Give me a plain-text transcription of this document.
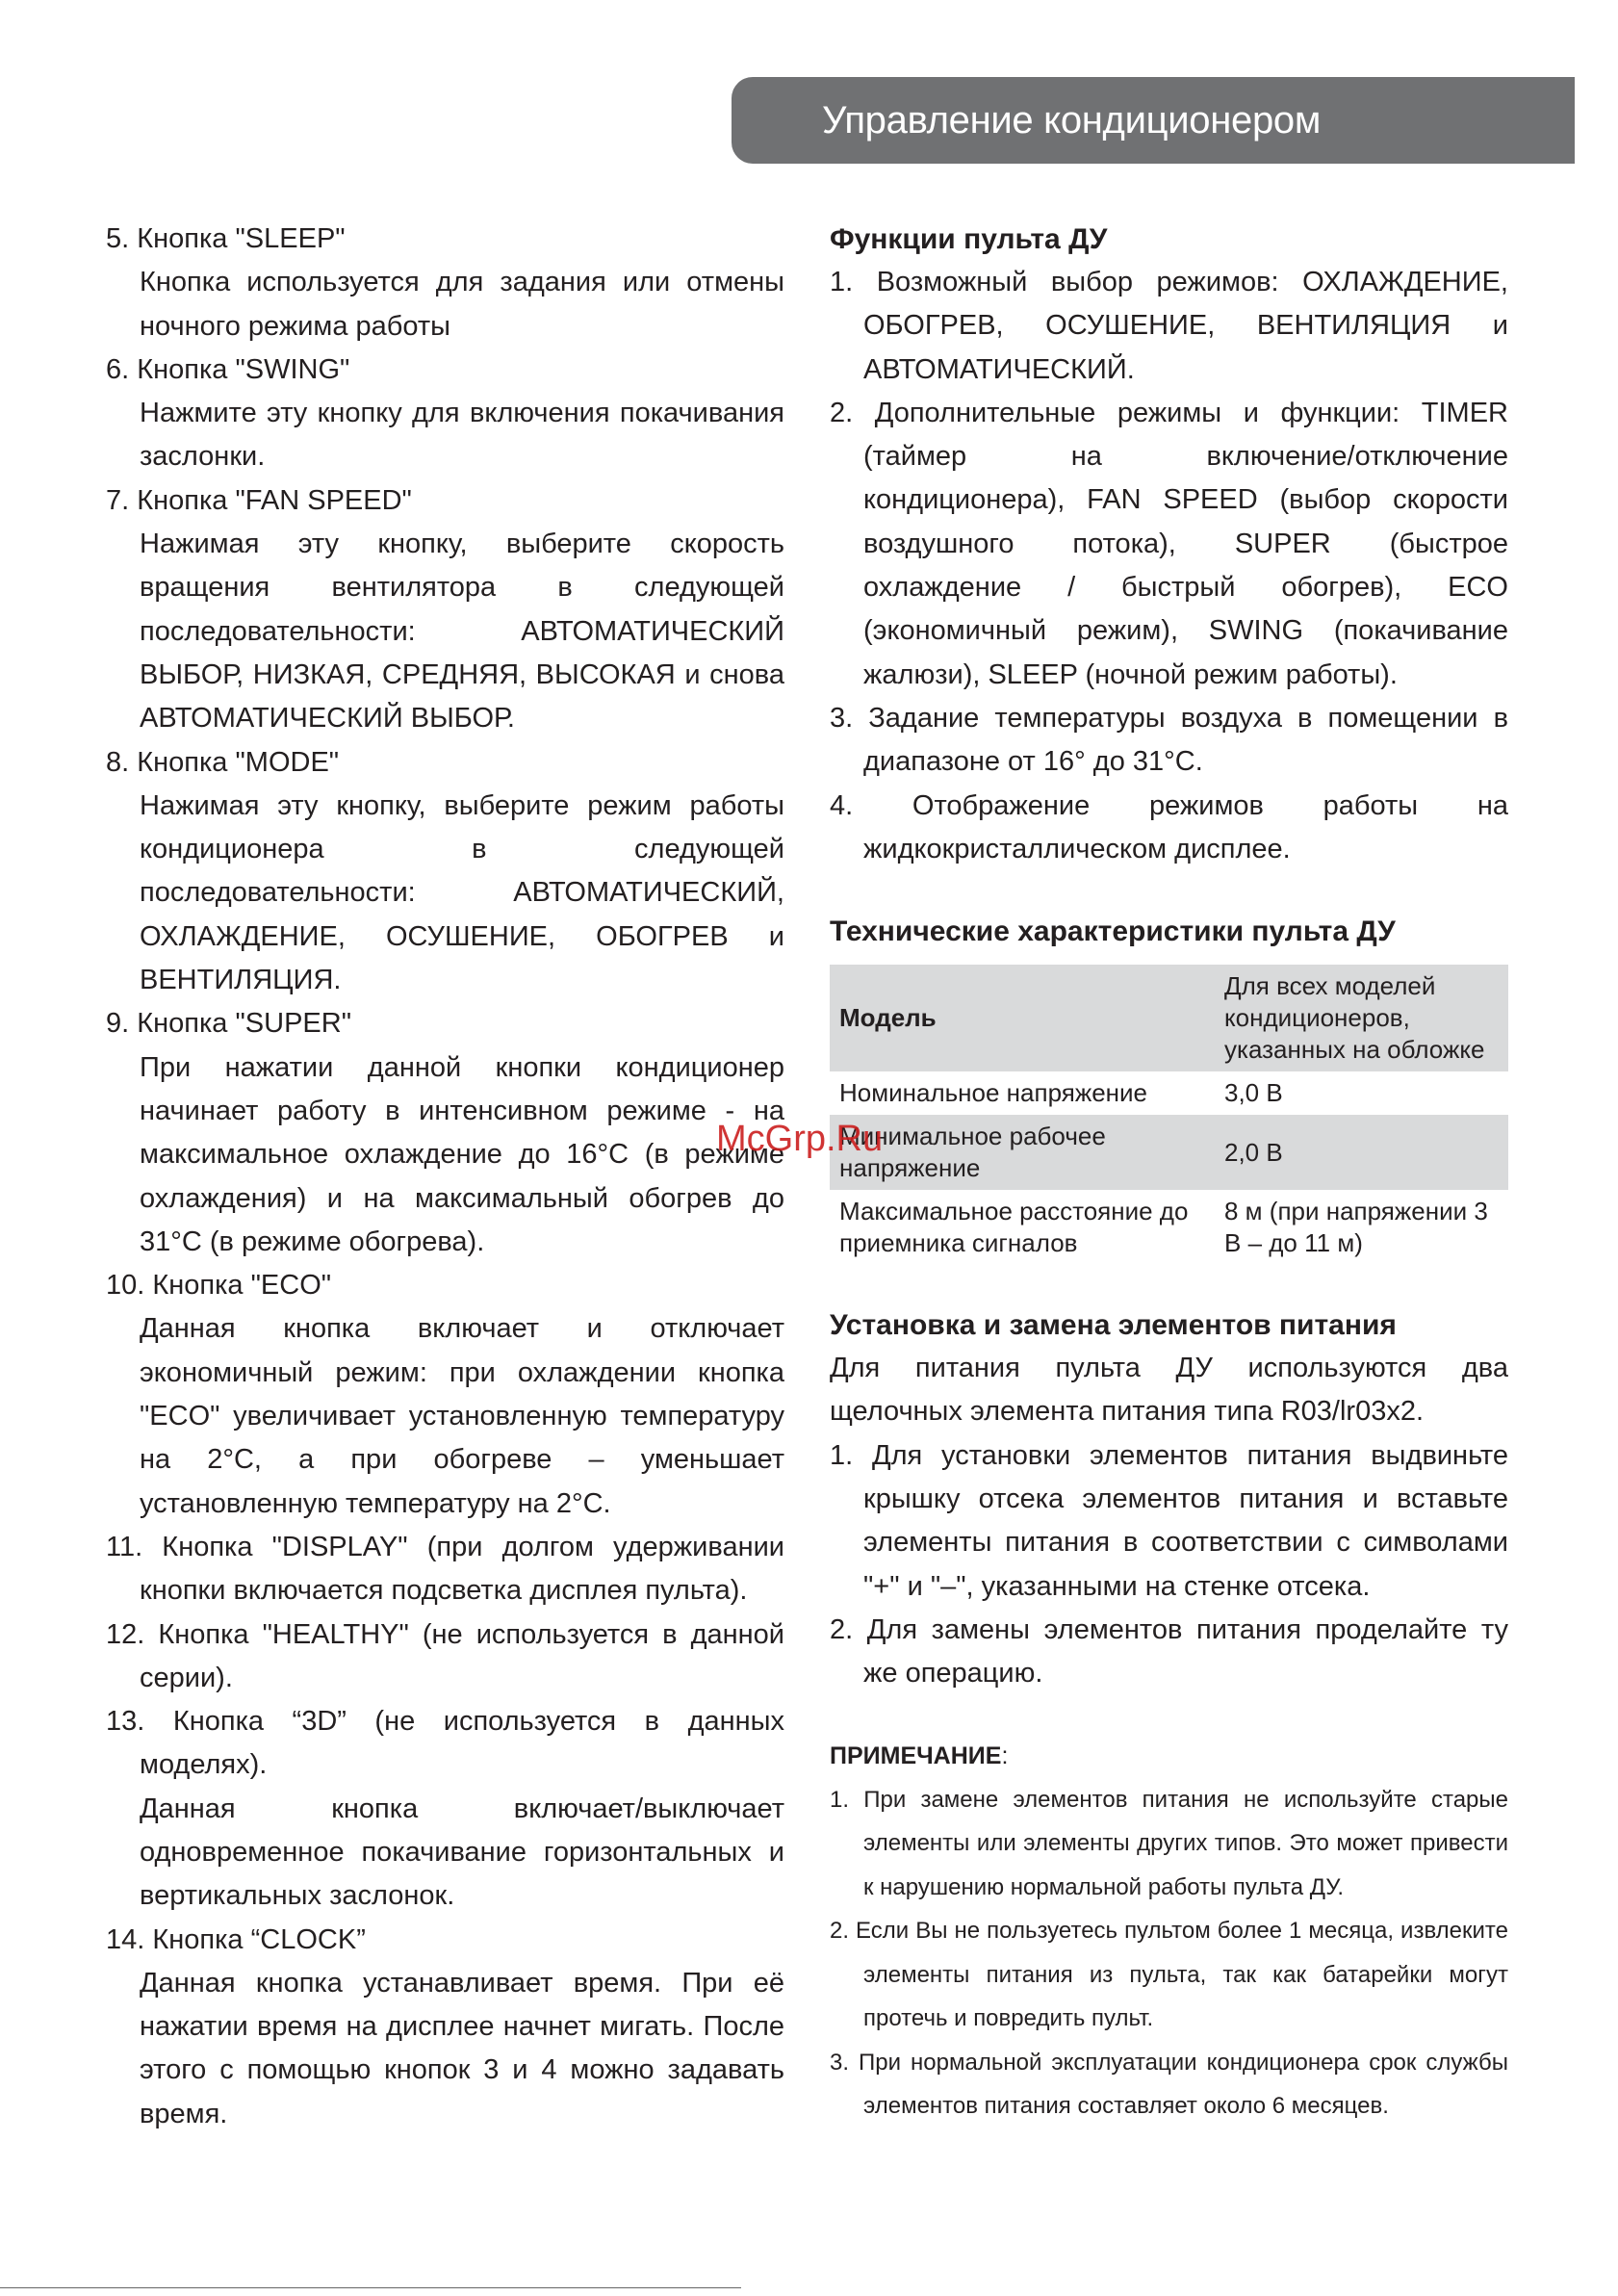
Управление кондиционером
5. Кнопка "SLEEP"
Кнопка используется для задания или отмены ночного режима работы
6. Кнопка "SWING"
Нажмите эту кнопку для включения покачивания заслонки.
7. Кнопка "FAN SPEED"
Нажимая эту кнопку, выберите скорость вращения вентилятора в следующей последовательности: АВТОМАТИЧЕСКИЙ ВЫБОР, НИЗКАЯ, СРЕДНЯЯ, ВЫСОКАЯ и снова АВТОМАТИЧЕСКИЙ ВЫБОР.
8. Кнопка "MODE"
Нажимая эту кнопку, выберите режим работы кондиционера в следующей последовательности: АВТОМАТИЧЕСКИЙ, ОХЛАЖДЕНИЕ, ОСУШЕНИЕ, ОБОГРЕВ и ВЕНТИЛЯЦИЯ.
9. Кнопка "SUPER"
При нажатии данной кнопки кондиционер начинает работу в интенсивном режиме - на максимальное охлаждение до 16°С (в режиме охлаждения) и на максимальный обогрев до 31°С (в режиме обогрева).
10. Кнопка "ECO"
Данная кнопка включает и отключает экономичный режим: при охлаждении кнопка "ECO" увеличивает установленную температуру на 2°С, а при обогреве – уменьшает установленную температуру на 2°С.
11. Кнопка "DISPLAY" (при долгом удерживании кнопки включается подсветка дисплея пульта).
12. Кнопка "HEALTHY" (не используется в данной серии).
13. Кнопка “3D” (не используется в данных моделях).
Данная кнопка включает/выключает одновременное покачивание горизонтальных и вертикальных заслонок.
14. Кнопка “CLOCK”
Данная кнопка устанавливает время. При её нажатии время на дисплее начнет мигать. После этого с помощью кнопок 3 и 4 можно задавать время.
Функции пульта ДУ
1. Возможный выбор режимов: ОХЛАЖДЕНИЕ, ОБОГРЕВ, ОСУШЕНИЕ, ВЕНТИЛЯЦИЯ и АВТОМАТИЧЕСКИЙ.
2. Дополнительные режимы и функции: TIMER (таймер на включение/отключение кондиционера), FAN SPEED (выбор скорости воздушного потока), SUPER (быстрое охлаждение / быстрый обогрев), ECO (экономичный режим), SWING (покачивание жалюзи), SLEEP (ночной режим работы).
3. Задание температуры воздуха в помещении в диапазоне от 16° до 31°С.
4. Отображение режимов работы на жидкокристаллическом дисплее.
Технические характеристики пульта ДУ
Модель	Для всех моделей кондиционеров, указанных на обложке
Номинальное напряжение	3,0 В
Минимальное рабочее напряжение	2,0 В
Максимальное расстояние до приемника сигналов	8 м (при напряжении 3 В – до 11 м)
Установка и замена элементов питания
Для питания пульта ДУ используются два щелочных элемента питания типа R03/lr03x2.
1. Для установки элементов питания выдвиньте крышку отсека элементов питания и вставьте элементы питания в соответствии с символами "+" и "–", указанными на стенке отсека.
2. Для замены элементов питания проделайте ту же операцию.
ПРИМЕЧАНИЕ:
1. При замене элементов питания не используйте старые элементы или элементы других типов. Это может привести к нарушению нормальной работы пульта ДУ.
2. Если Вы не пользуетесь пультом более 1 месяца, извлеките элементы питания из пульта, так как батарейки могут протечь и повредить пульт.
3. При нормальной эксплуатации кондиционера срок службы элементов питания составляет около 6 месяцев.
McGrp.Ru
